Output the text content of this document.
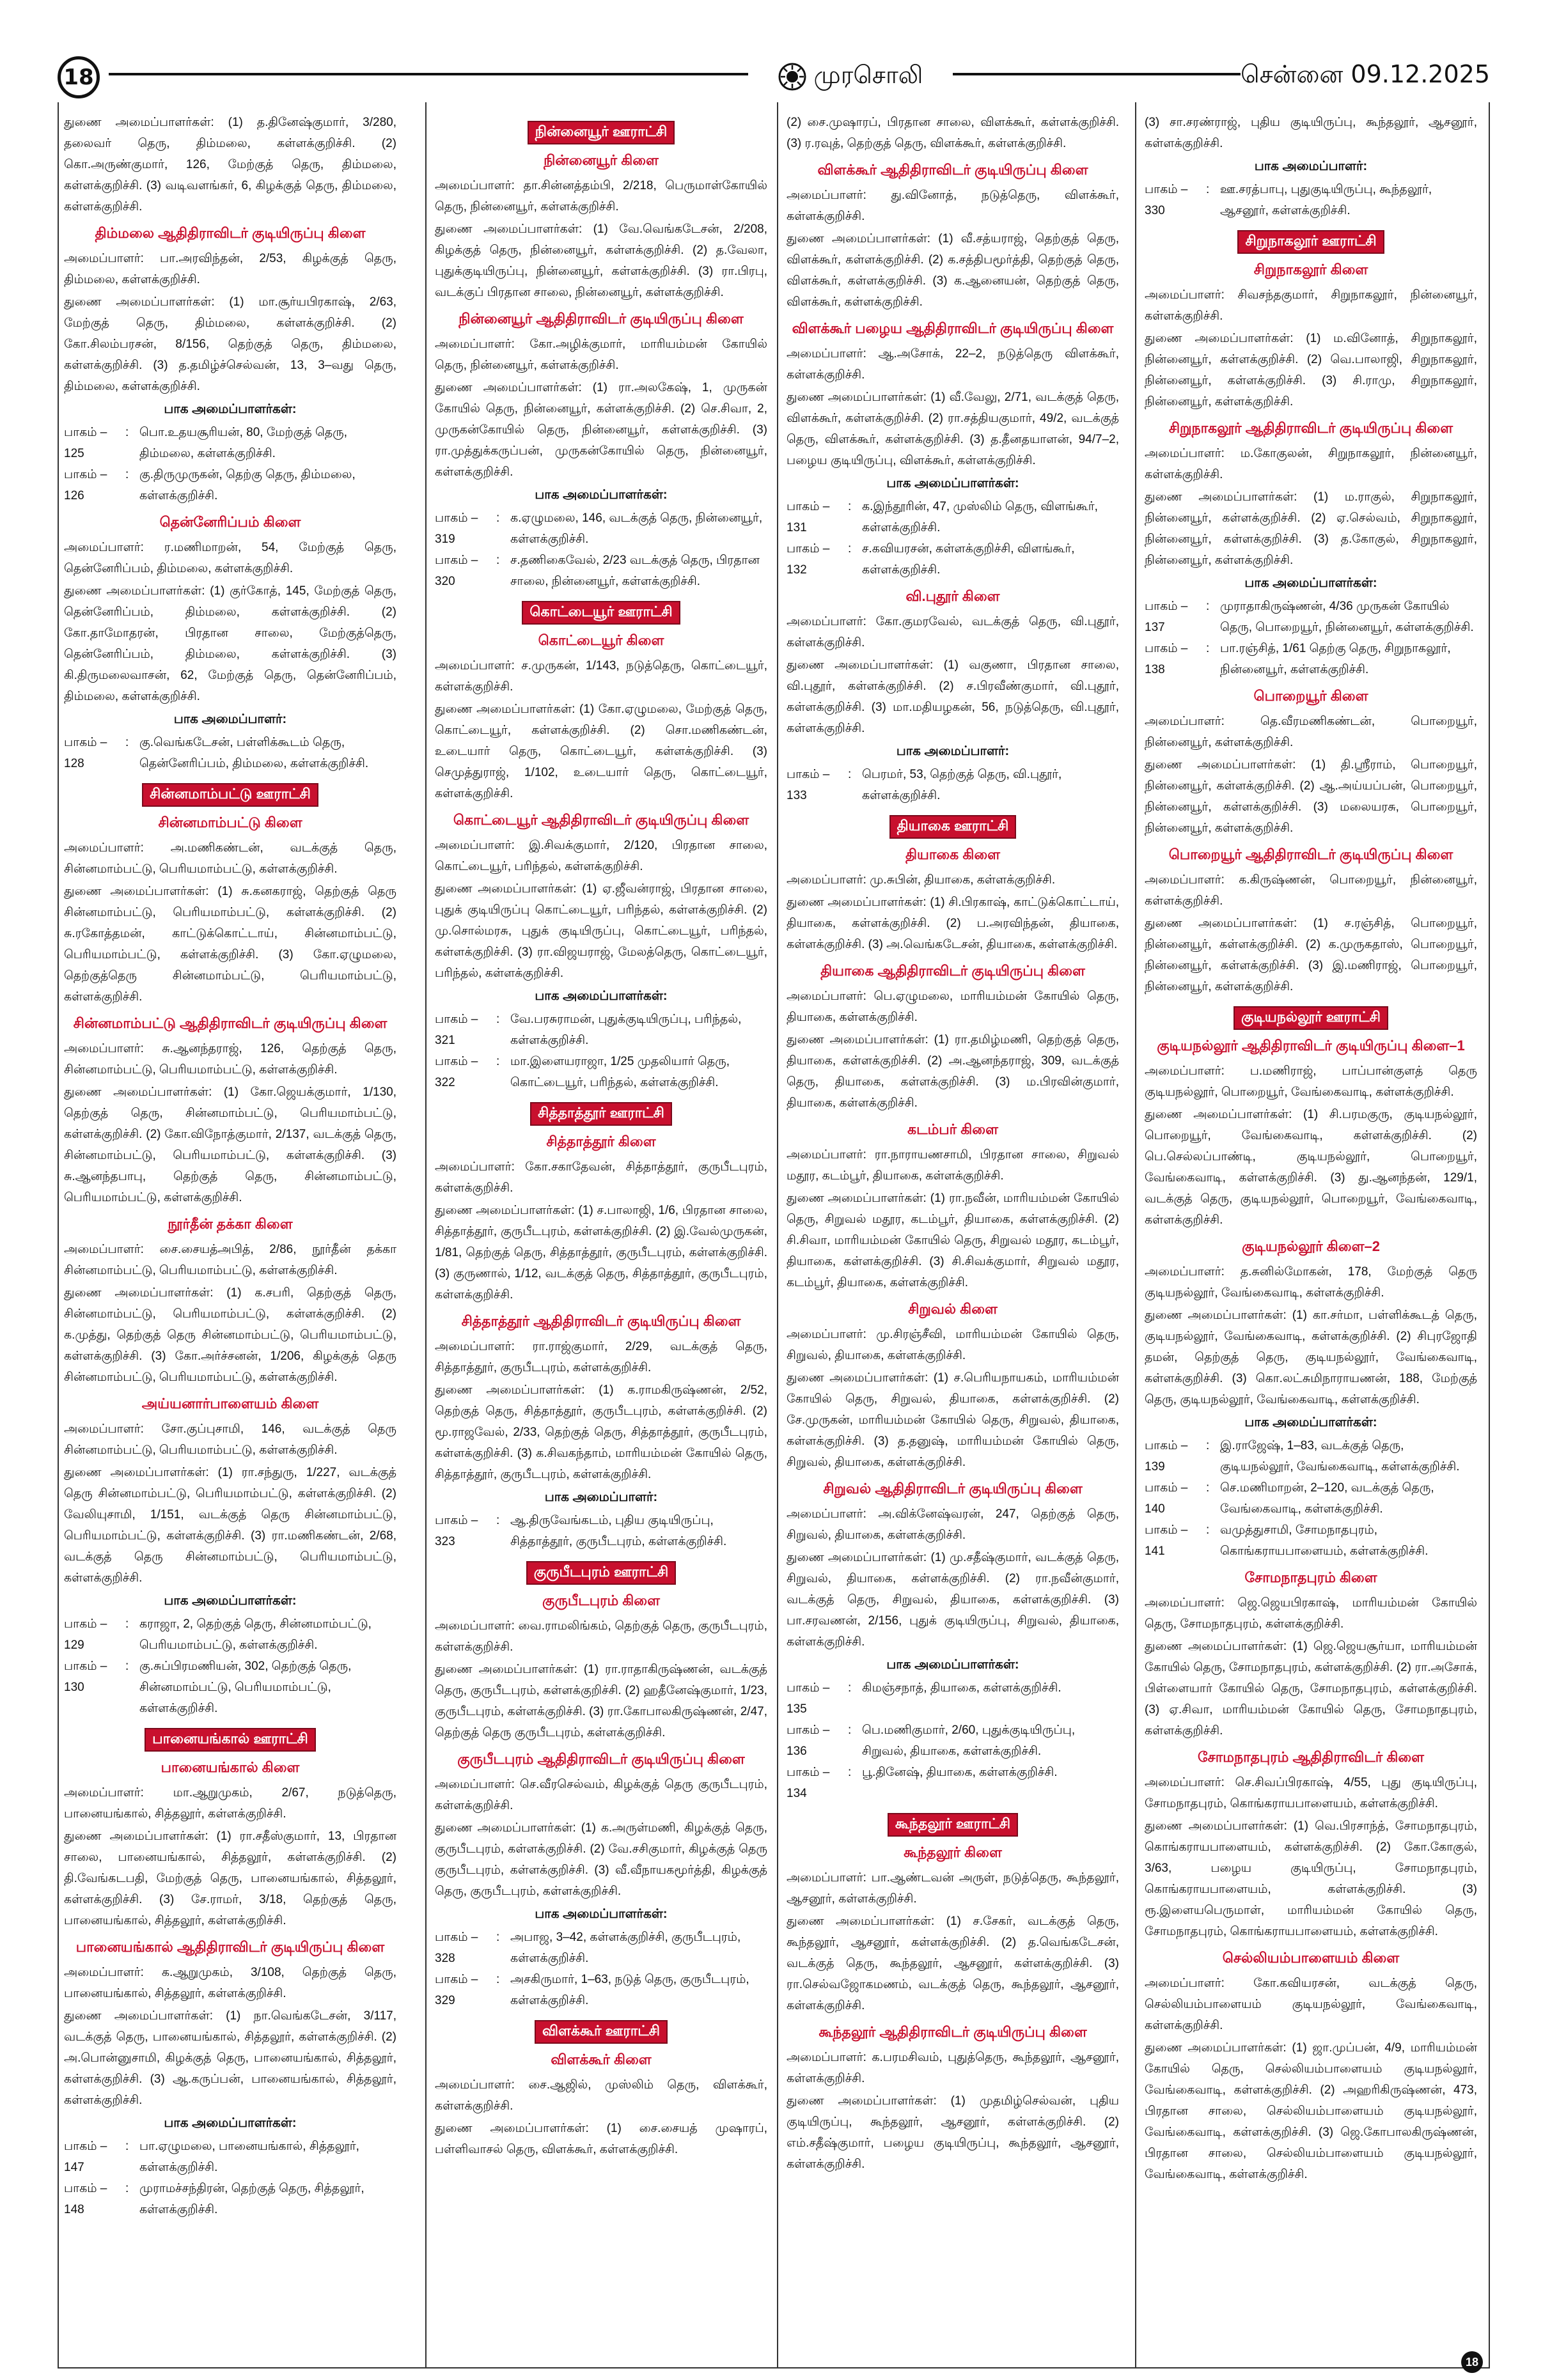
18	முரசொலி	சென்னை 09.12.2025

துணை அமைப்பாளர்கள்: (1) த.தினேஷ்குமார், 3/280, தலைவர் தெரு, திம்மலை, கள்ளக்குறிச்சி. (2) கொ.அருண்குமார், 126, மேற்குத் தெரு, திம்மலை, கள்ளக்குறிச்சி. (3) வடிவளங்கர், 6, கிழக்குத் தெரு, திம்மலை, கள்ளக்குறிச்சி.

திம்மலை ஆதிதிராவிடர் குடியிருப்பு கிளை

அமைப்பாளர்: பா.அரவிந்தன், 2/53, கிழக்குத் தெரு, திம்மலை, கள்ளக்குறிச்சி.

துணை அமைப்பாளர்கள்: (1) மா.சூர்யபிரகாஷ், 2/63, மேற்குத் தெரு, திம்மலை, கள்ளக்குறிச்சி. (2) கோ.சிலம்பரசன், 8/156, தெற்குத் தெரு, திம்மலை, கள்ளக்குறிச்சி. (3) த.தமிழ்ச்செல்வன், 13, 3–வது தெரு, திம்மலை, கள்ளக்குறிச்சி.

பாக அமைப்பாளர்கள்:
பாகம் – 125
: பொ.உதயசூரியன், 80, மேற்குத் தெரு, திம்மலை, கள்ளக்குறிச்சி.
பாகம் – 126
: கு.திருமுருகன், தெற்கு தெரு, திம்மலை, கள்ளக்குறிச்சி.
தென்னேரிப்பம் கிளை

அமைப்பாளர்: ர.மணிமாறன், 54, மேற்குத் தெரு, தென்னேரிப்பம், திம்மலை, கள்ளக்குறிச்சி.

துணை அமைப்பாளர்கள்: (1) குர்கோத், 145, மேற்குத் தெரு, தென்னேரிப்பம், திம்மலை, கள்ளக்குறிச்சி. (2) கோ.தாமோதரன், பிரதான சாலை, மேற்குத்தெரு, தென்னேரிப்பம், திம்மலை, கள்ளக்குறிச்சி. (3) கி.திருமலைவாசன், 62, மேற்குத் தெரு, தென்னேரிப்பம், திம்மலை, கள்ளக்குறிச்சி.

பாக அமைப்பாளர்:
பாகம் – 128
: கு.வெங்கடேசன், பள்ளிக்கூடம் தெரு, தென்னேரிப்பம், திம்மலை, கள்ளக்குறிச்சி.
சின்னமாம்பட்டு ஊராட்சி
சின்னமாம்பட்டு கிளை

அமைப்பாளர்: அ.மணிகண்டன், வடக்குத் தெரு, சின்னமாம்பட்டு, பெரியமாம்பட்டு, கள்ளக்குறிச்சி.

துணை அமைப்பாளர்கள்: (1) சு.கனகராஜ், தெற்குத் தெரு சின்னமாம்பட்டு, பெரியமாம்பட்டு, கள்ளக்குறிச்சி. (2) சு.ரகோத்தமன், காட்டுக்கொட்டாய், சின்னமாம்பட்டு, பெரியமாம்பட்டு, கள்ளக்குறிச்சி. (3) கோ.ஏழுமலை, தெற்குத்தெரு சின்னமாம்பட்டு, பெரியமாம்பட்டு, கள்ளக்குறிச்சி.

சின்னமாம்பட்டு ஆதிதிராவிடர் குடியிருப்பு கிளை

அமைப்பாளர்: சு.ஆனந்தராஜ், 126, தெற்குத் தெரு, சின்னமாம்பட்டு, பெரியமாம்பட்டு, கள்ளக்குறிச்சி.

துணை அமைப்பாளர்கள்: (1) கோ.ஜெயக்குமார், 1/130, தெற்குத் தெரு, சின்னமாம்பட்டு, பெரியமாம்பட்டு, கள்ளக்குறிச்சி. (2) கோ.விநோத்குமார், 2/137, வடக்குத் தெரு, சின்னமாம்பட்டு, பெரியமாம்பட்டு, கள்ளக்குறிச்சி. (3) சு.ஆனந்தபாபு, தெற்குத் தெரு, சின்னமாம்பட்டு, பெரியமாம்பட்டு, கள்ளக்குறிச்சி.

நூர்தீன் தக்கா கிளை

அமைப்பாளர்: சை.சையத்அபித், 2/86, நூர்தீன் தக்கா சின்னமாம்பட்டு, பெரியமாம்பட்டு, கள்ளக்குறிச்சி.

துணை அமைப்பாளர்கள்: (1) க.சபரி, தெற்குத் தெரு, சின்னமாம்பட்டு, பெரியமாம்பட்டு, கள்ளக்குறிச்சி. (2) க.முத்து, தெற்குத் தெரு சின்னமாம்பட்டு, பெரியமாம்பட்டு, கள்ளக்குறிச்சி. (3) கோ.அர்ச்சனன், 1/206, கிழக்குத் தெரு சின்னமாம்பட்டு, பெரியமாம்பட்டு, கள்ளக்குறிச்சி.

அய்யனார்பாளையம் கிளை

அமைப்பாளர்: சோ.குப்புசாமி, 146, வடக்குத் தெரு சின்னமாம்பட்டு, பெரியமாம்பட்டு, கள்ளக்குறிச்சி.

துணை அமைப்பாளர்கள்: (1) ரா.சந்துரு, 1/227, வடக்குத் தெரு சின்னமாம்பட்டு, பெரியமாம்பட்டு, கள்ளக்குறிச்சி. (2) வேலியுசாமி, 1/151, வடக்குத் தெரு சின்னமாம்பட்டு, பெரியமாம்பட்டு, கள்ளக்குறிச்சி. (3) ரா.மணிகண்டன், 2/68, வடக்குத் தெரு சின்னமாம்பட்டு, பெரியமாம்பட்டு, கள்ளக்குறிச்சி.

பாக அமைப்பாளர்கள்:
பாகம் – 129
: கராஜா, 2, தெற்குத் தெரு, சின்னமாம்பட்டு, பெரியமாம்பட்டு, கள்ளக்குறிச்சி.
பாகம் – 130
: கு.சுப்பிரமணியன், 302, தெற்குத் தெரு, சின்னமாம்பட்டு, பெரியமாம்பட்டு, கள்ளக்குறிச்சி.
பானையங்கால் ஊராட்சி
பானையங்கால் கிளை

அமைப்பாளர்: மா.ஆறுமுகம், 2/67, நடுத்தெரு, பானையங்கால், சித்தலூர், கள்ளக்குறிச்சி.

துணை அமைப்பாளர்கள்: (1) ரா.சதீஸ்குமார், 13, பிரதான சாலை, பானையங்கால், சித்தலூர், கள்ளக்குறிச்சி. (2) தி.வேங்கடபதி, மேற்குத் தெரு, பானையங்கால், சித்தலூர், கள்ளக்குறிச்சி. (3) சே.ராமர், 3/18, தெற்குத் தெரு, பானையங்கால், சித்தலூர், கள்ளக்குறிச்சி.

பானையங்கால் ஆதிதிராவிடர் குடியிருப்பு கிளை

அமைப்பாளர்: க.ஆறுமுகம், 3/108, தெற்குத் தெரு, பானையங்கால், சித்தலூர், கள்ளக்குறிச்சி.

துணை அமைப்பாளர்கள்: (1) நா.வெங்கடேசன், 3/117, வடக்குத் தெரு, பானையங்கால், சித்தலூர், கள்ளக்குறிச்சி. (2) அ.பொன்னுசாமி, கிழக்குத் தெரு, பானையங்கால், சித்தலூர், கள்ளக்குறிச்சி. (3) ஆ.கருப்பன், பானையங்கால், சித்தலூர், கள்ளக்குறிச்சி.

பாக அமைப்பாளர்கள்:
பாகம் – 147
: பா.ஏழுமலை, பானையங்கால், சித்தலூர், கள்ளக்குறிச்சி.
பாகம் – 148
: முராமச்சந்திரன், தெற்குத் தெரு, சித்தலூர், கள்ளக்குறிச்சி.
நின்னையூர் ஊராட்சி
நின்னையூர் கிளை

அமைப்பாளர்: தா.சின்னத்தம்பி, 2/218, பெருமாள்கோயில் தெரு, நின்னையூர், கள்ளக்குறிச்சி.

துணை அமைப்பாளர்கள்: (1) வே.வெங்கடேசன், 2/208, கிழக்குத் தெரு, நின்னையூர், கள்ளக்குறிச்சி. (2) த.வேலா, புதுக்குடியிருப்பு, நின்னையூர், கள்ளக்குறிச்சி. (3) ரா.பிரபு, வடக்குப் பிரதான சாலை, நின்னையூர், கள்ளக்குறிச்சி.

நின்னையூர் ஆதிதிராவிடர் குடியிருப்பு கிளை

அமைப்பாளர்: கோ.அழிக்குமார், மாரியம்மன் கோயில் தெரு, நின்னையூர், கள்ளக்குறிச்சி.

துணை அமைப்பாளர்கள்: (1) ரா.அலகேஷ், 1, முருகன் கோயில் தெரு, நின்னையூர், கள்ளக்குறிச்சி. (2) செ.சிவா, 2, முருகன்கோயில் தெரு, நின்னையூர், கள்ளக்குறிச்சி. (3) ரா.முத்துக்கருப்பன், முருகன்கோயில் தெரு, நின்னையூர், கள்ளக்குறிச்சி.

பாக அமைப்பாளர்கள்:
பாகம் – 319
: க.ஏழுமலை, 146, வடக்குத் தெரு, நின்னையூர், கள்ளக்குறிச்சி.
பாகம் – 320
: ச.தணிகைவேல், 2/23 வடக்குத் தெரு, பிரதான சாலை, நின்னையூர், கள்ளக்குறிச்சி.
கொட்டையூர் ஊராட்சி
கொட்டையூர் கிளை

அமைப்பாளர்: ச.முருகன், 1/143, நடுத்தெரு, கொட்டையூர், கள்ளக்குறிச்சி.

துணை அமைப்பாளர்கள்: (1) கோ.ஏழுமலை, மேற்குத் தெரு, கொட்டையூர், கள்ளக்குறிச்சி. (2) சொ.மணிகண்டன், உடையார் தெரு, கொட்டையூர், கள்ளக்குறிச்சி. (3) செமுத்துராஜ், 1/102, உடையார் தெரு, கொட்டையூர், கள்ளக்குறிச்சி.

கொட்டையூர் ஆதிதிராவிடர் குடியிருப்பு கிளை

அமைப்பாளர்: இ.சிவக்குமார், 2/120, பிரதான சாலை, கொட்டையூர், பரிந்தல், கள்ளக்குறிச்சி.

துணை அமைப்பாளர்கள்: (1) ஏ.ஜீவன்ராஜ், பிரதான சாலை, புதுக் குடியிருப்பு கொட்டையூர், பரிந்தல், கள்ளக்குறிச்சி. (2) மு.சொல்மரசு, புதுக் குடியிருப்பு, கொட்டையூர், பரிந்தல், கள்ளக்குறிச்சி. (3) ரா.விஜயராஜ், மேலத்தெரு, கொட்டையூர், பரிந்தல், கள்ளக்குறிச்சி.

பாக அமைப்பாளர்கள்:
பாகம் – 321
: வே.பரசுராமன், புதுக்குடியிருப்பு, பரிந்தல், கள்ளக்குறிச்சி.
பாகம் – 322
: மா.இளையராஜா, 1/25 முதலியார் தெரு, கொட்டையூர், பரிந்தல், கள்ளக்குறிச்சி.
சித்தாத்தூர் ஊராட்சி
சித்தாத்தூர் கிளை

அமைப்பாளர்: கோ.சகாதேவன், சித்தாத்தூர், குருபீடபுரம், கள்ளக்குறிச்சி.

துணை அமைப்பாளர்கள்: (1) ச.பாலாஜி, 1/6, பிரதான சாலை, சித்தாத்தூர், குருபீடபுரம், கள்ளக்குறிச்சி. (2) இ.வேல்முருகன், 1/81, தெற்குத் தெரு, சித்தாத்தூர், குருபீடபுரம், கள்ளக்குறிச்சி. (3) குருணால், 1/12, வடக்குத் தெரு, சித்தாத்தூர், குருபீடபுரம், கள்ளக்குறிச்சி.

சித்தாத்தூர் ஆதிதிராவிடர் குடியிருப்பு கிளை

அமைப்பாளர்: ரா.ராஜ்குமார், 2/29, வடக்குத் தெரு, சித்தாத்தூர், குருபீடபுரம், கள்ளக்குறிச்சி.

துணை அமைப்பாளர்கள்: (1) க.ராமகிருஷ்ணன், 2/52, தெற்குத் தெரு, சித்தாத்தூர், குருபீடபுரம், கள்ளக்குறிச்சி. (2) மூ.ராஜவேல், 2/33, தெற்குத் தெரு, சித்தாத்தூர், குருபீடபுரம், கள்ளக்குறிச்சி. (3) க.சிவகந்தாம், மாரியம்மன் கோயில் தெரு, சித்தாத்தூர், குருபீடபுரம், கள்ளக்குறிச்சி.

பாக அமைப்பாளர்:
பாகம் – 323
: ஆ.திருவேங்கடம், புதிய குடியிருப்பு, சித்தாத்தூர், குருபீடபுரம், கள்ளக்குறிச்சி.
குருபீடபுரம் ஊராட்சி
குருபீடபுரம் கிளை

அமைப்பாளர்: வை.ராமலிங்கம், தெற்குத் தெரு, குருபீடபுரம், கள்ளக்குறிச்சி.

துணை அமைப்பாளர்கள்: (1) ரா.ராதாகிருஷ்ணன், வடக்குத் தெரு, குருபீடபுரம், கள்ளக்குறிச்சி. (2) ஹதீனேஷ்குமார், 1/23, குருபீடபுரம், கள்ளக்குறிச்சி. (3) ரா.கோபாலகிருஷ்ணன், 2/47, தெற்குத் தெரு குருபீடபுரம், கள்ளக்குறிச்சி.

குருபீடபுரம் ஆதிதிராவிடர் குடியிருப்பு கிளை

அமைப்பாளர்: செ.வீரசெல்வம், கிழக்குத் தெரு குருபீடபுரம், கள்ளக்குறிச்சி.

துணை அமைப்பாளர்கள்: (1) க.அருள்மணி, கிழக்குத் தெரு, குருபீடபுரம், கள்ளக்குறிச்சி. (2) வே.சசிகுமார், கிழக்குத் தெரு குருபீடபுரம், கள்ளக்குறிச்சி. (3) வீ.வீநாயகமூர்த்தி, கிழக்குத் தெரு, குருபீடபுரம், கள்ளக்குறிச்சி.

பாக அமைப்பாளர்கள்:
பாகம் – 328
: அபாஜ, 3–42, கள்ளக்குறிச்சி, குருபீடபுரம், கள்ளக்குறிச்சி.
பாகம் – 329
: அசகிருமார், 1–63, நடுத் தெரு, குருபீடபுரம், கள்ளக்குறிச்சி.
விளக்கூர் ஊராட்சி
விளக்கூர் கிளை

அமைப்பாளர்: சை.ஆஜில், முஸ்லிம் தெரு, விளக்கூர், கள்ளக்குறிச்சி.

துணை அமைப்பாளர்கள்: (1) சை.சையத் முஷாரப், பள்ளிவாசல் தெரு, விளக்கூர், கள்ளக்குறிச்சி.

(2) சை.முஷாரப், பிரதான சாலை, விளக்கூர், கள்ளக்குறிச்சி. (3) ர.ரவுத், தெற்குத் தெரு, விளக்கூர், கள்ளக்குறிச்சி.

விளக்கூர் ஆதிதிராவிடர் குடியிருப்பு கிளை

அமைப்பாளர்: து.வினோத், நடுத்தெரு, விளக்கூர், கள்ளக்குறிச்சி.

துணை அமைப்பாளர்கள்: (1) வீ.சத்யராஜ், தெற்குத் தெரு, விளக்கூர், கள்ளக்குறிச்சி. (2) க.சத்திபமூர்த்தி, தெற்குத் தெரு, விளக்கூர், கள்ளக்குறிச்சி. (3) க.ஆனையன், தெற்குத் தெரு, விளக்கூர், கள்ளக்குறிச்சி.

விளக்கூர் பழைய ஆதிதிராவிடர் குடியிருப்பு கிளை

அமைப்பாளர்: ஆ.அசோக், 22–2, நடுத்தெரு விளக்கூர், கள்ளக்குறிச்சி.

துணை அமைப்பாளர்கள்: (1) வீ.வேலு, 2/71, வடக்குத் தெரு, விளக்கூர், கள்ளக்குறிச்சி. (2) ரா.சத்தியகுமார், 49/2, வடக்குத் தெரு, விளக்கூர், கள்ளக்குறிச்சி. (3) த.தீனதயாளன், 94/7–2, பழைய குடியிருப்பு, விளக்கூர், கள்ளக்குறிச்சி.

பாக அமைப்பாளர்கள்:
பாகம் – 131
: க.இந்தூரின், 47, முஸ்லிம் தெரு, விளங்கூர், கள்ளக்குறிச்சி.
பாகம் – 132
: ச.கவியரசன், கள்ளக்குறிச்சி, விளங்கூர், கள்ளக்குறிச்சி.
வி.புதூர் கிளை

அமைப்பாளர்: கோ.குமரவேல், வடக்குத் தெரு, வி.புதூர், கள்ளக்குறிச்சி.

துணை அமைப்பாளர்கள்: (1) வகுணா, பிரதான சாலை, வி.புதூர், கள்ளக்குறிச்சி. (2) ச.பிரவீண்குமார், வி.புதூர், கள்ளக்குறிச்சி. (3) மா.மதியழகன், 56, நடுத்தெரு, வி.புதூர், கள்ளக்குறிச்சி.

பாக அமைப்பாளர்:
பாகம் – 133
: பெரமர், 53, தெற்குத் தெரு, வி.புதூர், கள்ளக்குறிச்சி.
தியாகை ஊராட்சி
தியாகை கிளை

அமைப்பாளர்: மு.சுபின், தியாகை, கள்ளக்குறிச்சி.

துணை அமைப்பாளர்கள்: (1) சி.பிரகாஷ், காட்டுக்கொட்டாய், தியாகை, கள்ளக்குறிச்சி. (2) ப.அரவிந்தன், தியாகை, கள்ளக்குறிச்சி. (3) அ.வெங்கடேசன், தியாகை, கள்ளக்குறிச்சி.

தியாகை ஆதிதிராவிடர் குடியிருப்பு கிளை

அமைப்பாளர்: பெ.ஏழுமலை, மாரியம்மன் கோயில் தெரு, தியாகை, கள்ளக்குறிச்சி.

துணை அமைப்பாளர்கள்: (1) ரா.தமிழ்மணி, தெற்குத் தெரு, தியாகை, கள்ளக்குறிச்சி. (2) அ.ஆனந்தராஜ், 309, வடக்குத் தெரு, தியாகை, கள்ளக்குறிச்சி. (3) ம.பிரவின்குமார், தியாகை, கள்ளக்குறிச்சி.

கடம்பர் கிளை

அமைப்பாளர்: ரா.நாராயணசாமி, பிரதான சாலை, சிறுவல் மதூர, கடம்பூர், தியாகை, கள்ளக்குறிச்சி.

துணை அமைப்பாளர்கள்: (1) ரா.நவீன், மாரியம்மன் கோயில் தெரு, சிறுவல் மதூர, கடம்பூர், தியாகை, கள்ளக்குறிச்சி. (2) சி.சிவா, மாரியம்மன் கோயில் தெரு, சிறுவல் மதூர, கடம்பூர், தியாகை, கள்ளக்குறிச்சி. (3) சி.சிவக்குமார், சிறுவல் மதூர, கடம்பூர், தியாகை, கள்ளக்குறிச்சி.

சிறுவல் கிளை

அமைப்பாளர்: மு.சிரஞ்சீவி, மாரியம்மன் கோயில் தெரு, சிறுவல், தியாகை, கள்ளக்குறிச்சி.

துணை அமைப்பாளர்கள்: (1) ச.பெரியநாயகம், மாரியம்மன் கோயில் தெரு, சிறுவல், தியாகை, கள்ளக்குறிச்சி. (2) சே.முருகன், மாரியம்மன் கோயில் தெரு, சிறுவல், தியாகை, கள்ளக்குறிச்சி. (3) த.தனுஷ், மாரியம்மன் கோயில் தெரு, சிறுவல், தியாகை, கள்ளக்குறிச்சி.

சிறுவல் ஆதிதிராவிடர் குடியிருப்பு கிளை

அமைப்பாளர்: அ.விக்னேஷ்வரன், 247, தெற்குத் தெரு, சிறுவல், தியாகை, கள்ளக்குறிச்சி.

துணை அமைப்பாளர்கள்: (1) மு.சதீஷ்குமார், வடக்குத் தெரு, சிறுவல், தியாகை, கள்ளக்குறிச்சி. (2) ரா.நவீன்குமார், வடக்குத் தெரு, சிறுவல், தியாகை, கள்ளக்குறிச்சி. (3) பா.சரவணன், 2/156, புதுக் குடியிருப்பு, சிறுவல், தியாகை, கள்ளக்குறிச்சி.

பாக அமைப்பாளர்கள்:
பாகம் – 135
: கிமஞ்சநாத், தியாகை, கள்ளக்குறிச்சி.
பாகம் – 136
: பெ.மணிகுமார், 2/60, புதுக்குடியிருப்பு, சிறுவல், தியாகை, கள்ளக்குறிச்சி.
பாகம் – 134
: பூ.தினேஷ், தியாகை, கள்ளக்குறிச்சி.
கூந்தலூர் ஊராட்சி
கூந்தலூர் கிளை

அமைப்பாளர்: பா.ஆண்டவன் அருள், நடுத்தெரு, கூந்தலூர், ஆசனூர், கள்ளக்குறிச்சி.

துணை அமைப்பாளர்கள்: (1) ச.சேகர், வடக்குத் தெரு, கூந்தலூர், ஆசனூர், கள்ளக்குறிச்சி. (2) த.வெங்கடேசன், வடக்குத் தெரு, கூந்தலூர், ஆசனூர், கள்ளக்குறிச்சி. (3) ரா.செல்வஜோகமணம், வடக்குத் தெரு, கூந்தலூர், ஆசனூர், கள்ளக்குறிச்சி.

கூந்தலூர் ஆதிதிராவிடர் குடியிருப்பு கிளை

அமைப்பாளர்: க.பரமசிவம், புதுத்தெரு, கூந்தலூர், ஆசனூர், கள்ளக்குறிச்சி.

துணை அமைப்பாளர்கள்: (1) முதமிழ்செல்வன், புதிய குடியிருப்பு, கூந்தலூர், ஆசனூர், கள்ளக்குறிச்சி. (2) எம்.சதீஷ்குமார், பழைய குடியிருப்பு, கூந்தலூர், ஆசனூர், கள்ளக்குறிச்சி.

(3) சா.சரண்ராஜ், புதிய குடியிருப்பு, கூந்தலூர், ஆசனூர், கள்ளக்குறிச்சி.

பாக அமைப்பாளர்:
பாகம் – 330
: ஊ.சரத்பாபு, புதுகுடியிருப்பு, கூந்தலூர், ஆசனூர், கள்ளக்குறிச்சி.
சிறுநாகலூர் ஊராட்சி
சிறுநாகலூர் கிளை

அமைப்பாளர்: சிவசந்தகுமார், சிறுநாகலூர், நின்னையூர், கள்ளக்குறிச்சி.

துணை அமைப்பாளர்கள்: (1) ம.வினோத், சிறுநாகலூர், நின்னையூர், கள்ளக்குறிச்சி. (2) வெ.பாலாஜி, சிறுநாகலூர், நின்னையூர், கள்ளக்குறிச்சி. (3) சி.ராமு, சிறுநாகலூர், நின்னையூர், கள்ளக்குறிச்சி.

சிறுநாகலூர் ஆதிதிராவிடர் குடியிருப்பு கிளை

அமைப்பாளர்: ம.கோகுலன், சிறுநாகலூர், நின்னையூர், கள்ளக்குறிச்சி.

துணை அமைப்பாளர்கள்: (1) ம.ராகுல், சிறுநாகலூர், நின்னையூர், கள்ளக்குறிச்சி. (2) ஏ.செல்வம், சிறுநாகலூர், நின்னையூர், கள்ளக்குறிச்சி. (3) த.கோகுல், சிறுநாகலூர், நின்னையூர், கள்ளக்குறிச்சி.

பாக அமைப்பாளர்கள்:
பாகம் – 137
: முராதாகிருஷ்ணன், 4/36 முருகன் கோயில் தெரு, பொறையூர், நின்னையூர், கள்ளக்குறிச்சி.
பாகம் – 138
: பா.ரஞ்சித், 1/61 தெற்கு தெரு, சிறுநாகலூர், நின்னையூர், கள்ளக்குறிச்சி.
பொறையூர் கிளை

அமைப்பாளர்: தெ.வீரமணிகண்டன், பொறையூர், நின்னையூர், கள்ளக்குறிச்சி.

துணை அமைப்பாளர்கள்: (1) தி.ஸ்ரீராம், பொறையூர், நின்னையூர், கள்ளக்குறிச்சி. (2) ஆ.அய்யப்பன், பொறையூர், நின்னையூர், கள்ளக்குறிச்சி. (3) மலையரசு, பொறையூர், நின்னையூர், கள்ளக்குறிச்சி.

பொறையூர் ஆதிதிராவிடர் குடியிருப்பு கிளை

அமைப்பாளர்: க.கிருஷ்ணன், பொறையூர், நின்னையூர், கள்ளக்குறிச்சி.

துணை அமைப்பாளர்கள்: (1) ச.ரஞ்சித், பொறையூர், நின்னையூர், கள்ளக்குறிச்சி. (2) க.முருகதாஸ், பொறையூர், நின்னையூர், கள்ளக்குறிச்சி. (3) இ.மணிராஜ், பொறையூர், நின்னையூர், கள்ளக்குறிச்சி.

குடியநல்லூர் ஊராட்சி
குடியநல்லூர் ஆதிதிராவிடர் குடியிருப்பு கிளை–1

அமைப்பாளர்: ப.மணிராஜ், பாப்பான்குளத் தெரு குடியநல்லூர், பொறையூர், வேங்கைவாடி, கள்ளக்குறிச்சி.

துணை அமைப்பாளர்கள்: (1) சி.பரமகுரு, குடியநல்லூர், பொறையூர், வேங்கைவாடி, கள்ளக்குறிச்சி. (2) பெ.செல்லப்பாண்டி, குடியநல்லூர், பொறையூர், வேங்கைவாடி, கள்ளக்குறிச்சி. (3) து.ஆனந்தன், 129/1, வடக்குத் தெரு, குடியநல்லூர், பொறையூர், வேங்கைவாடி, கள்ளக்குறிச்சி.

குடியநல்லூர் கிளை–2

அமைப்பாளர்: த.சுனில்மோகன், 178, மேற்குத் தெரு குடியநல்லூர், வேங்கைவாடி, கள்ளக்குறிச்சி.

துணை அமைப்பாளர்கள்: (1) கா.சர்மா, பள்ளிக்கூடத் தெரு, குடியநல்லூர், வேங்கைவாடி, கள்ளக்குறிச்சி. (2) சிபுரஜோதி தமன், தெற்குத் தெரு, குடியநல்லூர், வேங்கைவாடி, கள்ளக்குறிச்சி. (3) கொ.லட்சுமிநாராயணன், 188, மேற்குத் தெரு, குடியநல்லூர், வேங்கைவாடி, கள்ளக்குறிச்சி.

பாக அமைப்பாளர்கள்:
பாகம் – 139
: இ.ராஜேஷ், 1–83, வடக்குத் தெரு, குடியநல்லூர், வேங்கைவாடி, கள்ளக்குறிச்சி.
பாகம் – 140
: செ.மணிமாறன், 2–120, வடக்குத் தெரு, வேங்கைவாடி, கள்ளக்குறிச்சி.
பாகம் – 141
: வமுத்துசாமி, சோமநாதபுரம், கொங்கராயபாளையம், கள்ளக்குறிச்சி.
சோமநாதபுரம் கிளை

அமைப்பாளர்: ஜெ.ஜெயபிரகாஷ், மாரியம்மன் கோயில் தெரு, சோமநாதபுரம், கள்ளக்குறிச்சி.

துணை அமைப்பாளர்கள்: (1) ஜெ.ஜெயசூர்யா, மாரியம்மன் கோயில் தெரு, சோமநாதபுரம், கள்ளக்குறிச்சி. (2) ரா.அசோக், பிள்ளையார் கோயில் தெரு, சோமநாதபுரம், கள்ளக்குறிச்சி. (3) ஏ.சிவா, மாரியம்மன் கோயில் தெரு, சோமநாதபுரம், கள்ளக்குறிச்சி.

சோமநாதபுரம் ஆதிதிராவிடர் கிளை

அமைப்பாளர்: செ.சிவப்பிரகாஷ், 4/55, புது குடியிருப்பு, சோமநாதபுரம், கொங்கராயபாளையம், கள்ளக்குறிச்சி.

துணை அமைப்பாளர்கள்: (1) வெ.பிரசாந்த், சோமநாதபுரம், கொங்கராயபாளையம், கள்ளக்குறிச்சி. (2) கோ.கோகுல், 3/63, பழைய குடியிருப்பு, சோமநாதபுரம், கொங்கராயபாளையம், கள்ளக்குறிச்சி. (3) ரூ.இளையபெருமாள், மாரியம்மன் கோயில் தெரு, சோமநாதபுரம், கொங்கராயபாளையம், கள்ளக்குறிச்சி.

செல்லியம்பாளையம் கிளை

அமைப்பாளர்: கோ.கவியரசன், வடக்குத் தெரு, செல்லியம்பாளையம் குடியநல்லூர், வேங்கைவாடி, கள்ளக்குறிச்சி.

துணை அமைப்பாளர்கள்: (1) ஜா.முப்பன், 4/9, மாரியம்மன் கோயில் தெரு, செல்லியம்பாளையம் குடியநல்லூர், வேங்கைவாடி, கள்ளக்குறிச்சி. (2) அஹரிகிருஷ்ணன், 473, பிரதான சாலை, செல்லியம்பாளையம் குடியநல்லூர், வேங்கைவாடி, கள்ளக்குறிச்சி. (3) ஜெ.கோபாலகிருஷ்ணன், பிரதான சாலை, செல்லியம்பாளையம் குடியநல்லூர், வேங்கைவாடி, கள்ளக்குறிச்சி.

18
